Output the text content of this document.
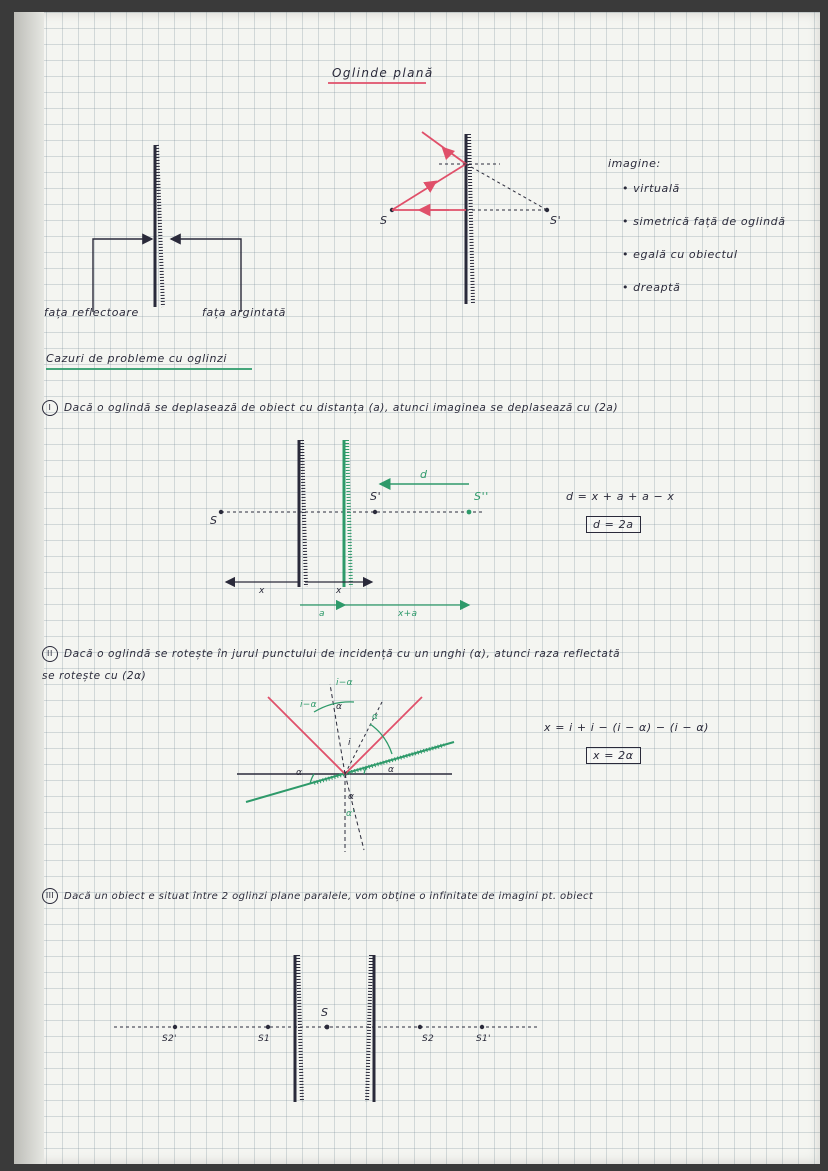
Oglinde plană
fața reflectoare	fața argintată
S	S'
imagine:
• virtuală
• simetrică față de oglindă
• egală cu obiectul
• dreaptă
Cazuri de probleme cu oglinzi
I Dacă o oglindă se deplasează de obiect cu distanța (a), atunci imaginea se deplasează cu (2a)
S
S'	S''
d
x	x
a	x+a
d = x + a + a − x
d = 2a
II Dacă o oglindă se rotește în jurul punctului de incidență cu un unghi (α), atunci raza reflectată
se rotește cu (2α)
i−α
i−α α
α
i
α	α
α
α'
x = i + i − (i − α) − (i − α)
x = 2α
III Dacă un obiect e situat între 2 oglinzi plane paralele, vom obține o infinitate de imagini pt. obiect
S2'	S1
S
S2	S1'
